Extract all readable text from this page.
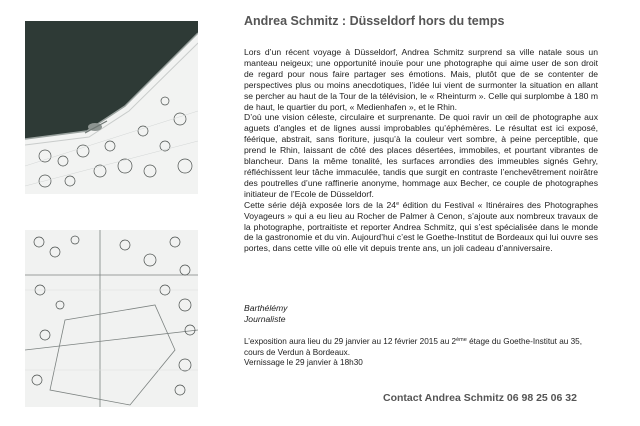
Andrea Schmitz : Düsseldorf hors du temps

Lors d’un récent voyage à Düsseldorf, Andrea Schmitz surprend sa ville natale sous un manteau neigeux; une opportunité inouïe pour une photographe qui aime user de son droit de regard pour nous faire partager ses émotions. Mais, plutôt que de se contenter de perspectives plus ou moins anecdotiques, l’idée lui vient de surmonter la situation en allant se percher au haut de la Tour de la télévision, le « Rheinturm ». Celle qui surplombe à 180 m de haut, le quartier du port, « Medienhafen », et le Rhin.

D’où une vision céleste, circulaire et surprenante. De quoi ravir un œil de photographe aux aguets d’angles et de lignes aussi improbables qu’éphémères. Le résultat est ici exposé, féérique, abstrait, sans fioriture, jusqu’à la couleur vert sombre, à peine perceptible, que prend le Rhin, laissant de côté des places désertées, immobiles, et pourtant vibrantes de blancheur. Dans la même tonalité, les surfaces arrondies des immeubles signés Gehry, réfléchissent leur tâche immaculée, tandis que surgit en contraste l’enchevêtrement noirâtre des poutrelles d’une raffinerie anonyme, hommage aux Becher, ce couple de photographes initiateur de l’Ecole de Düsseldorf.

Cette série déjà exposée lors de la 24e édition du Festival « Itinéraires des Photographes Voyageurs » qui a eu lieu au Rocher de Palmer à Cenon, s’ajoute aux nombreux travaux de la photographe, portraitiste et reporter Andrea Schmitz, qui s’est spécialisée dans le monde de la gastronomie et du vin. Aujourd’hui c’est le Goethe-Institut de Bordeaux qui lui ouvre ses portes, dans cette ville où elle vit depuis trente ans, un joli cadeau d’anniversaire.

Barthélémy
Journaliste
L’exposition aura lieu du 29 janvier au 12 février 2015 au 2ème étage du Goethe-Institut au 35, cours de Verdun à Bordeaux.
Vernissage le 29 janvier à 18h30
Contact Andrea Schmitz 06 98 25 06 32
